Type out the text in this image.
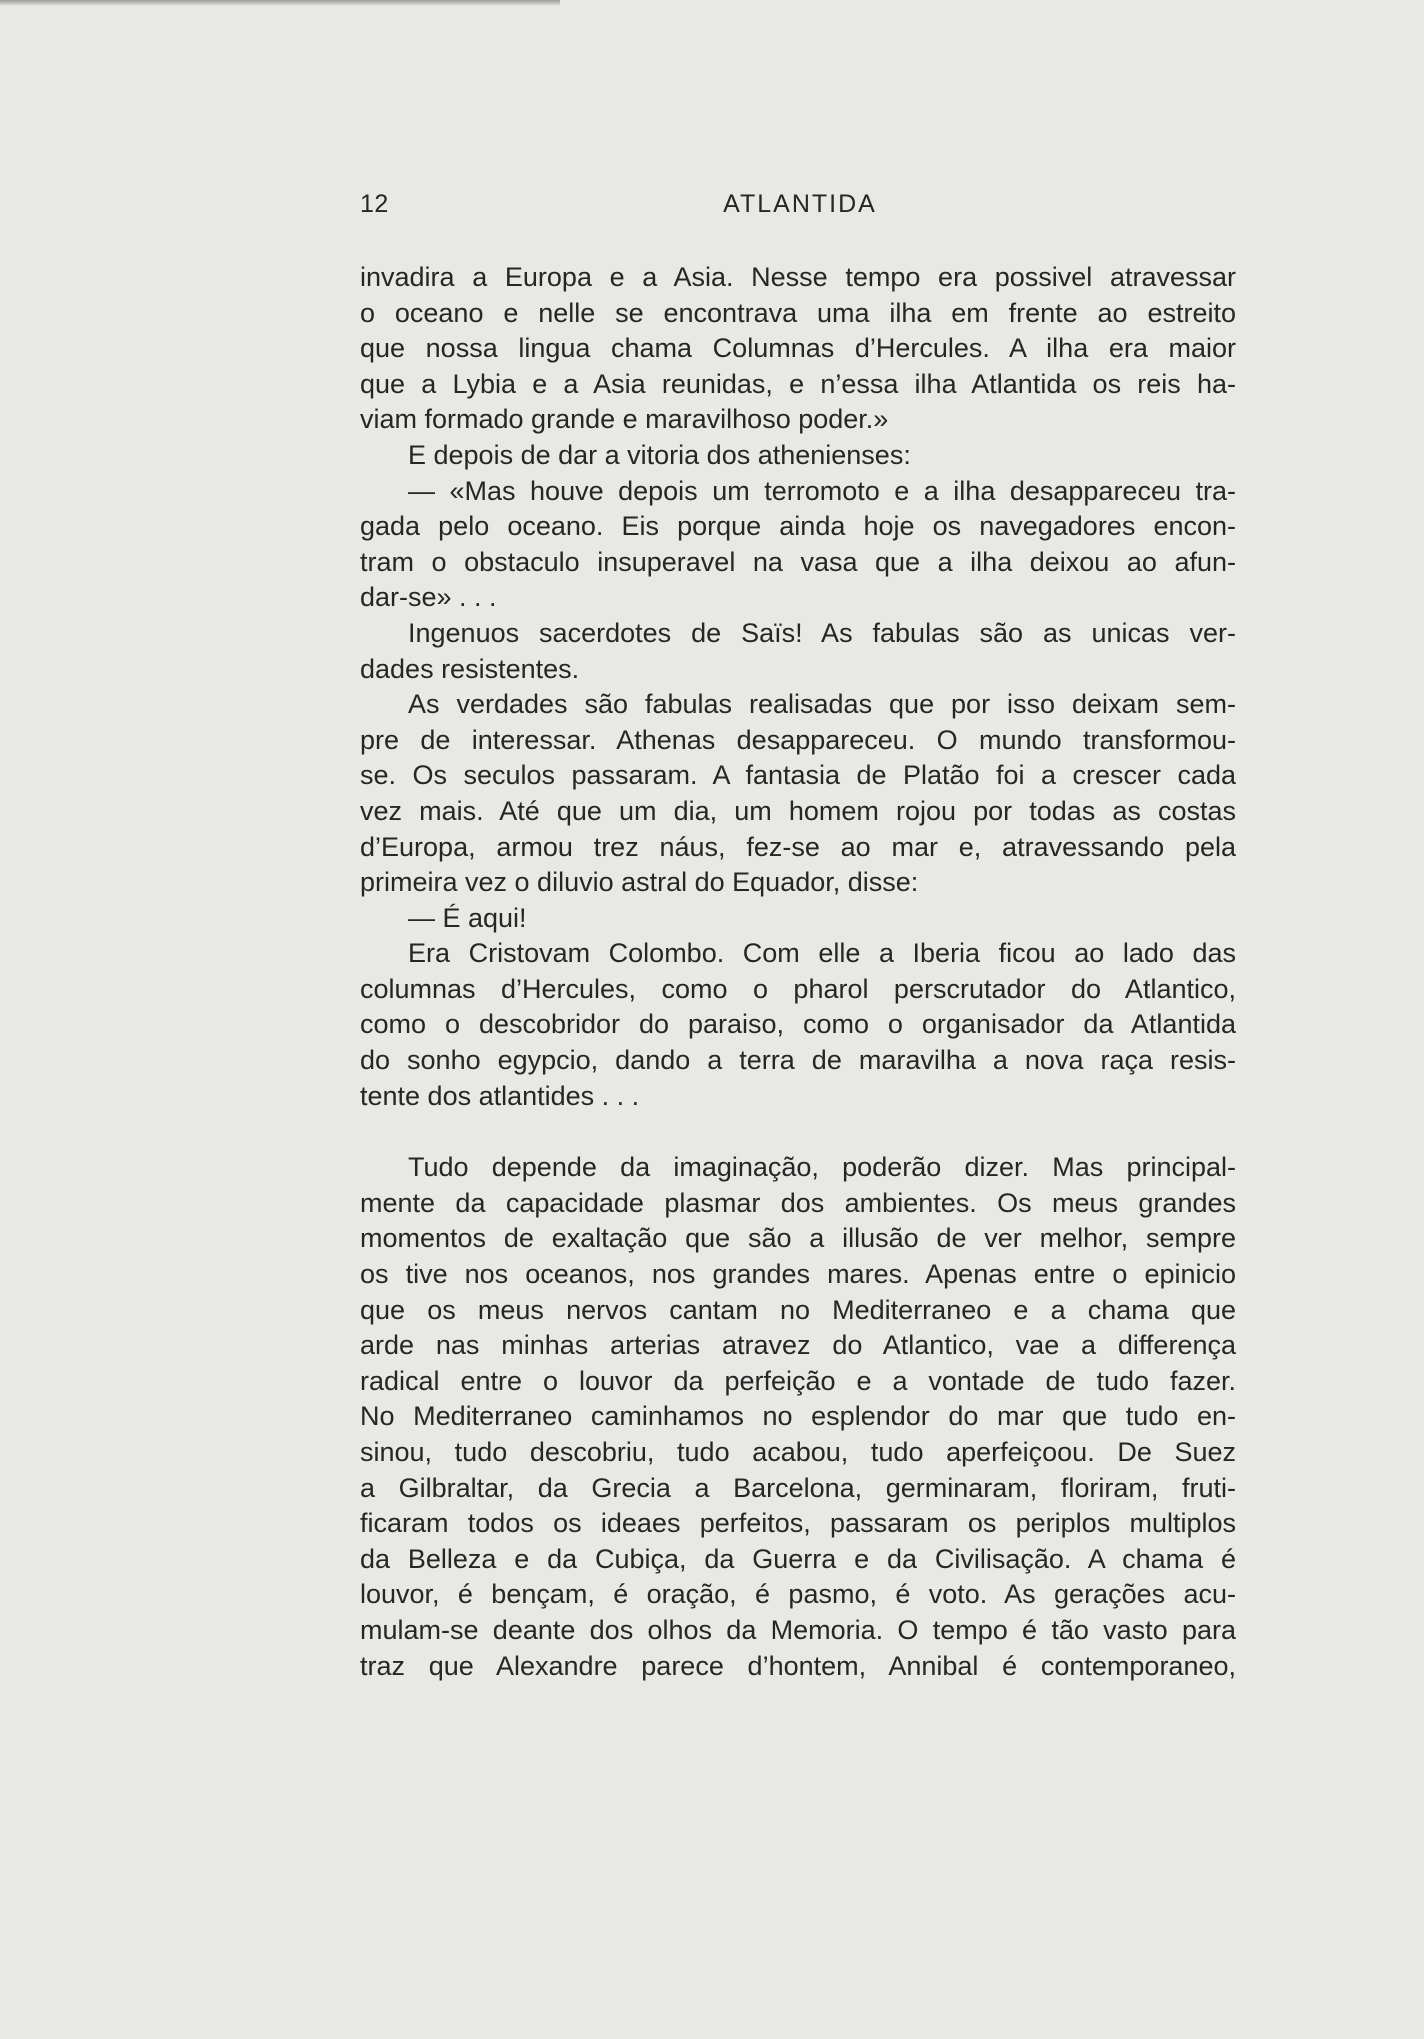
12	ATLANTIDA
invadira a Europa e a Asia. Nesse tempo era possivel atravessar
o oceano e nelle se encontrava uma ilha em frente ao estreito
que nossa lingua chama Columnas d’Hercules. A ilha era maior
que a Lybia e a Asia reunidas, e n’essa ilha Atlantida os reis ha-
viam formado grande e maravilhoso poder.»
E depois de dar a vitoria dos athenienses:
— «Mas houve depois um terromoto e a ilha desappareceu tra-
gada pelo oceano. Eis porque ainda hoje os navegadores encon-
tram o obstaculo insuperavel na vasa que a ilha deixou ao afun-
dar-se» . . .
Ingenuos sacerdotes de Saïs! As fabulas são as unicas ver-
dades resistentes.
As verdades são fabulas realisadas que por isso deixam sem-
pre de interessar. Athenas desappareceu. O mundo transformou-
se. Os seculos passaram. A fantasia de Platão foi a crescer cada
vez mais. Até que um dia, um homem rojou por todas as costas
d’Europa, armou trez náus, fez-se ao mar e, atravessando pela
primeira vez o diluvio astral do Equador, disse:
— É aqui!
Era Cristovam Colombo. Com elle a Iberia ficou ao lado das
columnas d’Hercules, como o pharol perscrutador do Atlantico,
como o descobridor do paraiso, como o organisador da Atlantida
do sonho egypcio, dando a terra de maravilha a nova raça resis-
tente dos atlantides . . .
Tudo depende da imaginação, poderão dizer. Mas principal-
mente da capacidade plasmar dos ambientes. Os meus grandes
momentos de exaltação que são a illusão de ver melhor, sempre
os tive nos oceanos, nos grandes mares. Apenas entre o epinicio
que os meus nervos cantam no Mediterraneo e a chama que
arde nas minhas arterias atravez do Atlantico, vae a differença
radical entre o louvor da perfeição e a vontade de tudo fazer.
No Mediterraneo caminhamos no esplendor do mar que tudo en-
sinou, tudo descobriu, tudo acabou, tudo aperfeiçoou. De Suez
a Gilbraltar, da Grecia a Barcelona, germinaram, floriram, fruti-
ficaram todos os ideaes perfeitos, passaram os periplos multiplos
da Belleza e da Cubiça, da Guerra e da Civilisação. A chama é
louvor, é bençam, é oração, é pasmo, é voto. As gerações acu-
mulam-se deante dos olhos da Memoria. O tempo é tão vasto para
traz que Alexandre parece d’hontem, Annibal é contemporaneo,
